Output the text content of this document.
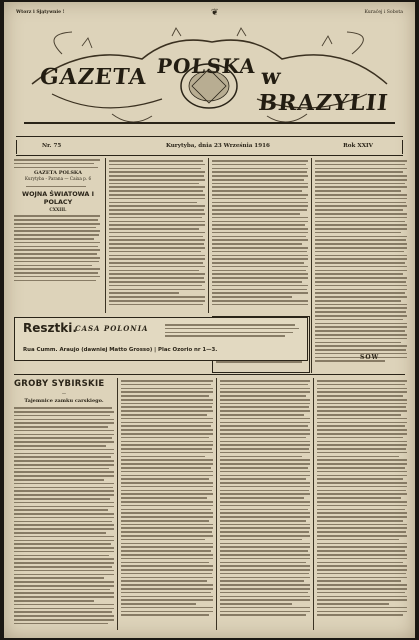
Wtorz i Sjątywnie !	❦	Kuraćej i Sobota
GAZETA POLSKA w BRAZYLII
Nr. 75	Kurytyba, dnia 23 Września 1916	Rok XXIV
GAZETA POLSKA
Kurytyba - Parana — Caixa p. 6
WOJNA ŚWIATOWA I POLACY
CXXIII.
Resztki.
CASA POLONIA
Rua Cumm. Araujo (dawniej Matto Grosso) | Plac Ozorio nr 1—3.
GROBY SYBIRSKIE
—
Tajemnice zamku carskiego.
SOW
